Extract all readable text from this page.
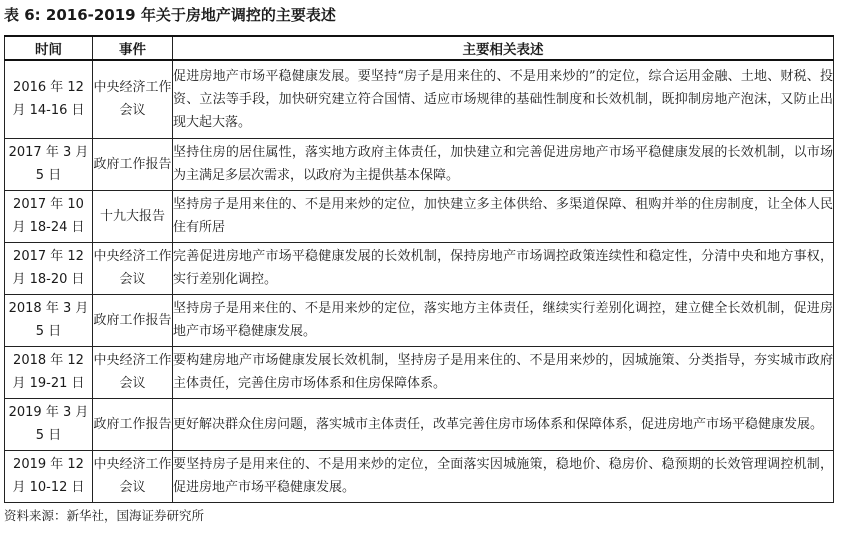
表 6: 2016-2019 年关于房地产调控的主要表述
时间	事件	主要相关表述
2016 年 12 月 14-16 日	中央经济工作会议	促进房地产市场平稳健康发展。要坚持“房子是用来住的、不是用来炒的”的定位，综合运用金融、土地、财税、投资、立法等手段，加快研究建立符合国情、适应市场规律的基础性制度和长效机制，既抑制房地产泡沫，又防止出现大起大落。
2017 年 3 月 5 日	政府工作报告	坚持住房的居住属性，落实地方政府主体责任，加快建立和完善促进房地产市场平稳健康发展的长效机制，以市场为主满足多层次需求，以政府为主提供基本保障。
2017 年 10 月 18-24 日	十九大报告	坚持房子是用来住的、不是用来炒的定位，加快建立多主体供给、多渠道保障、租购并举的住房制度，让全体人民住有所居
2017 年 12 月 18-20 日	中央经济工作会议	完善促进房地产市场平稳健康发展的长效机制，保持房地产市场调控政策连续性和稳定性，分清中央和地方事权，实行差别化调控。
2018 年 3 月 5 日	政府工作报告	坚持房子是用来住的、不是用来炒的定位，落实地方主体责任，继续实行差别化调控，建立健全长效机制，促进房地产市场平稳健康发展。
2018 年 12 月 19-21 日	中央经济工作会议	要构建房地产市场健康发展长效机制，坚持房子是用来住的、不是用来炒的，因城施策、分类指导，夯实城市政府主体责任，完善住房市场体系和住房保障体系。
2019 年 3 月 5 日	政府工作报告	更好解决群众住房问题，落实城市主体责任，改革完善住房市场体系和保障体系，促进房地产市场平稳健康发展。
2019 年 12 月 10-12 日	中央经济工作会议	要坚持房子是用来住的、不是用来炒的定位，全面落实因城施策，稳地价、稳房价、稳预期的长效管理调控机制，促进房地产市场平稳健康发展。
资料来源：新华社，国海证券研究所
